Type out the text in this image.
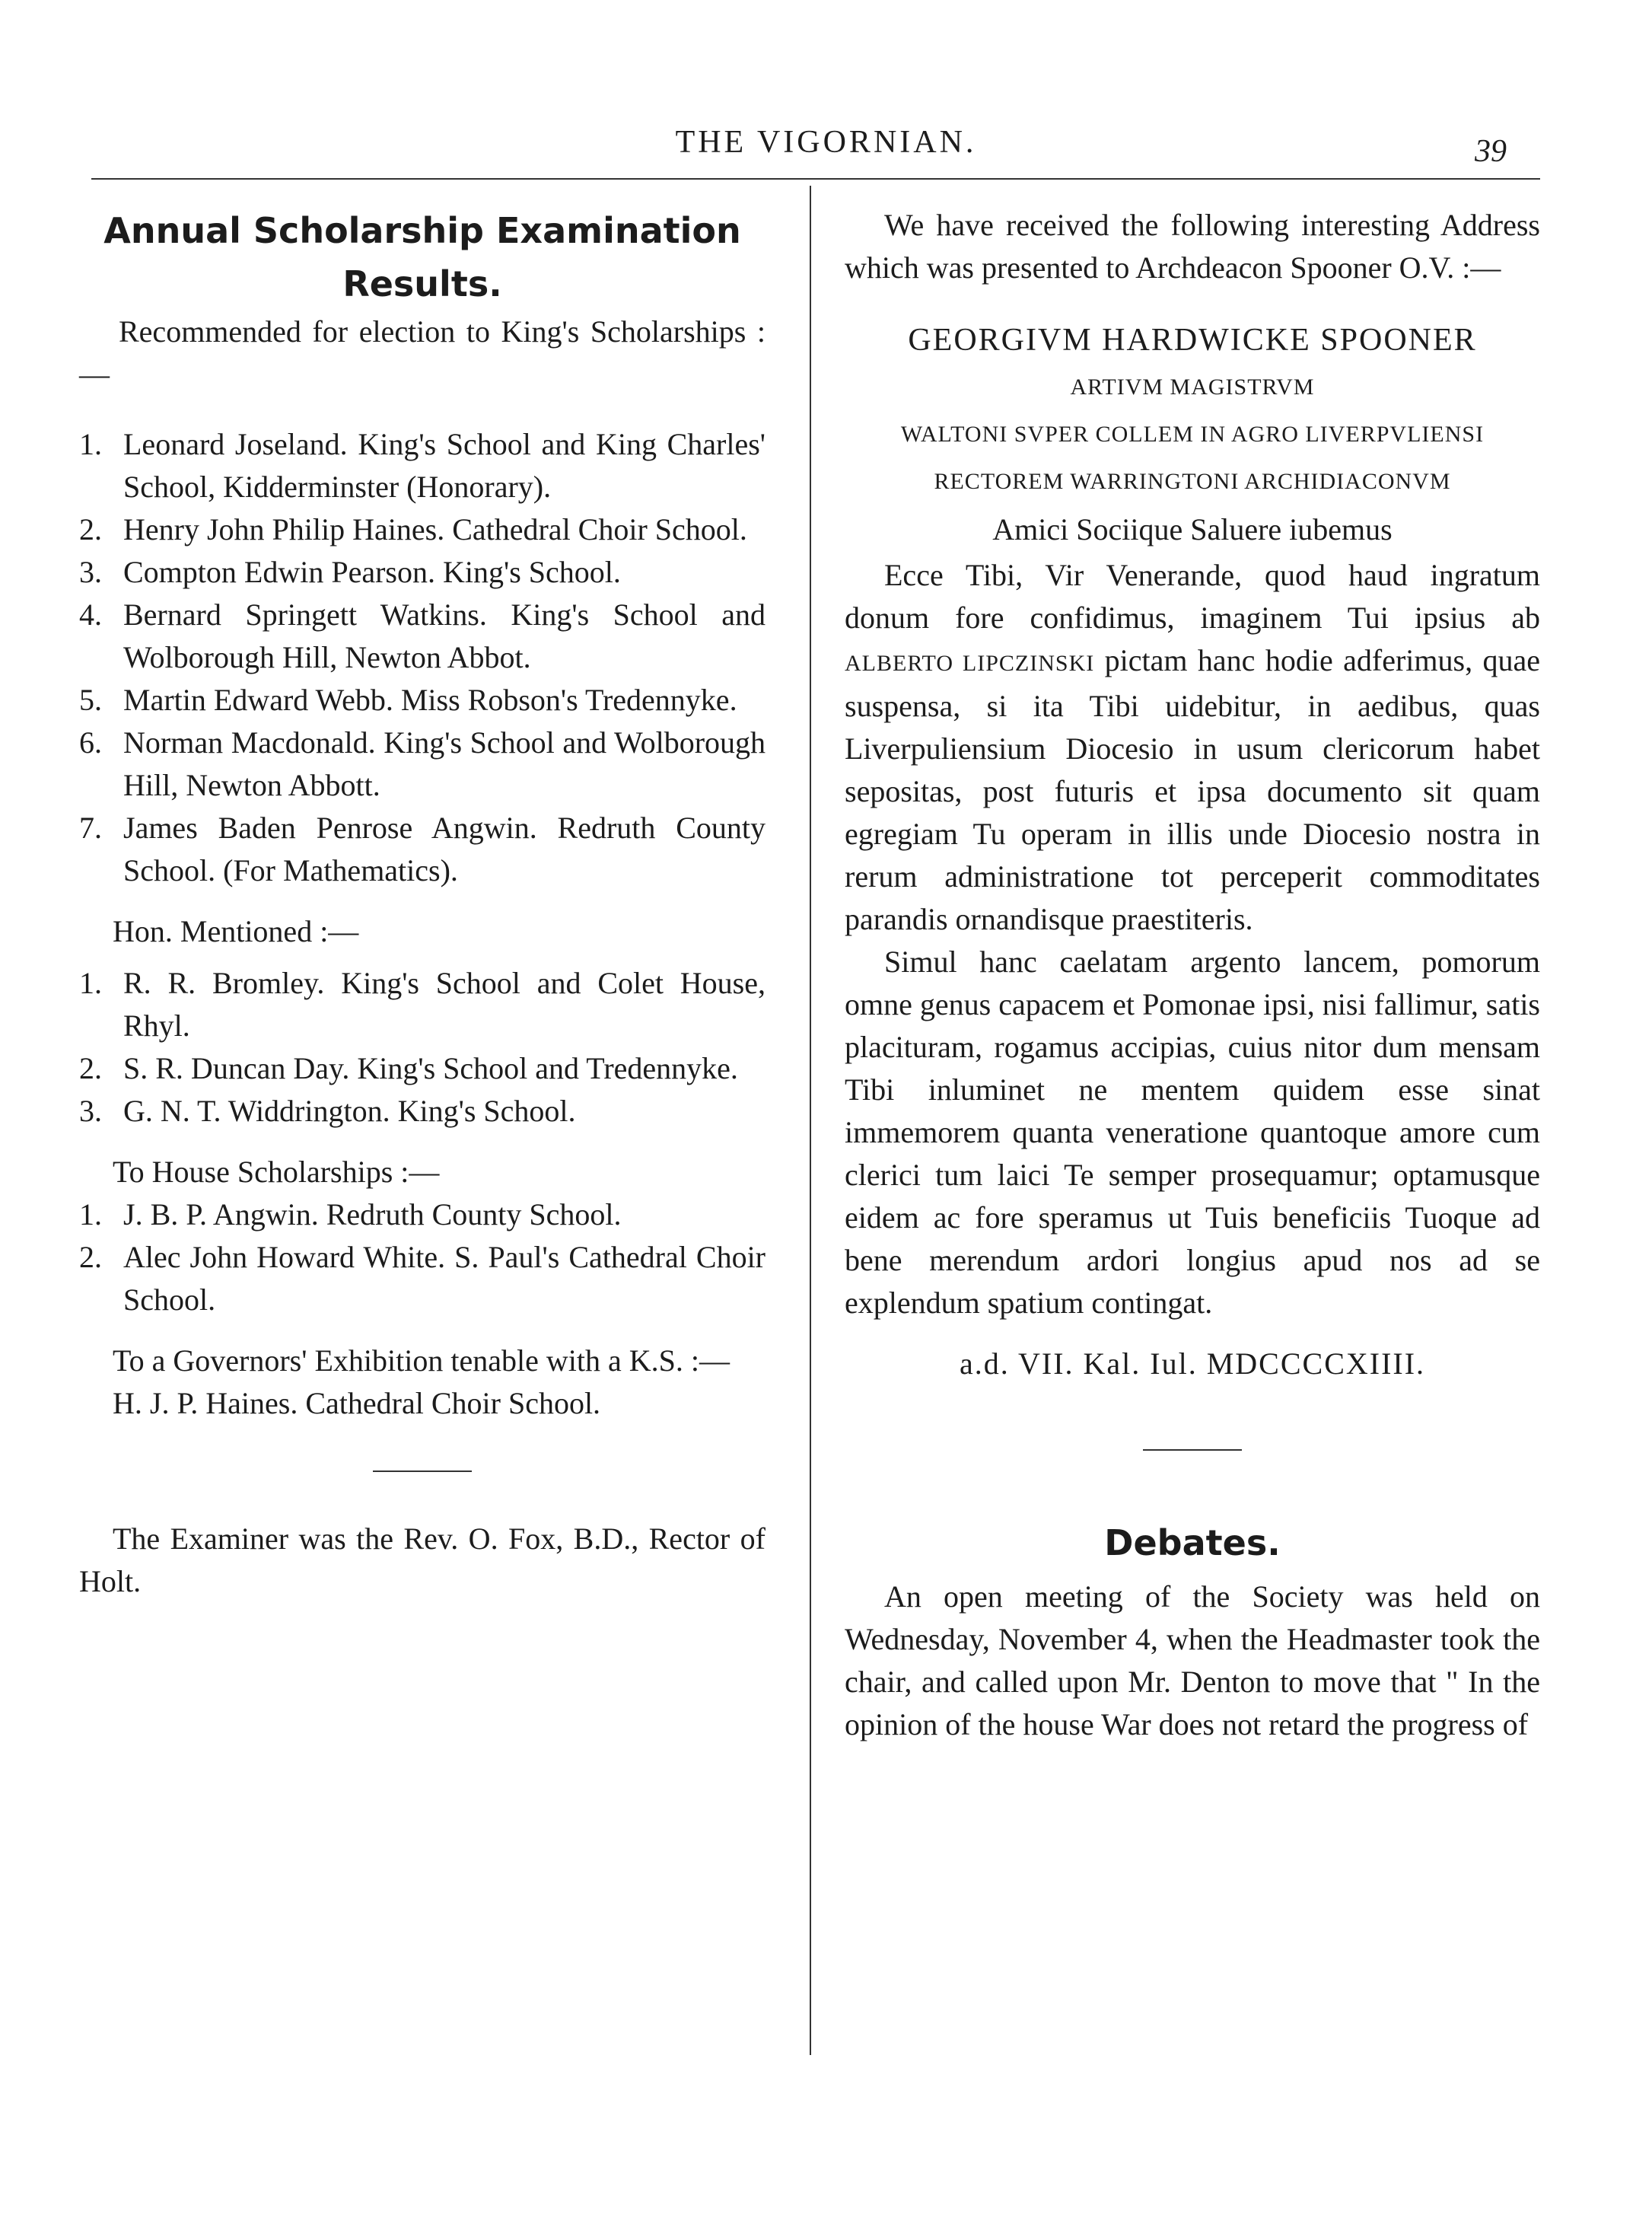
THE VIGORNIAN.	39

Annual Scholarship Examination
Results.

Recommended for election to King's Scholarships :—

1. Leonard Joseland. King's School and King Charles' School, Kidderminster (Honorary).
2. Henry John Philip Haines. Cathedral Choir School.
3. Compton Edwin Pearson. King's School.
4. Bernard Springett Watkins. King's School and Wolborough Hill, Newton Abbot.
5. Martin Edward Webb. Miss Robson's Tredennyke.
6. Norman Macdonald. King's School and Wolborough Hill, Newton Abbott.
7. James Baden Penrose Angwin. Redruth County School. (For Mathematics).

Hon. Mentioned :—

1. R. R. Bromley. King's School and Colet House, Rhyl.
2. S. R. Duncan Day. King's School and Tredennyke.
3. G. N. T. Widdrington. King's School.

To House Scholarships :—

1. J. B. P. Angwin. Redruth County School.
2. Alec John Howard White. S. Paul's Cathedral Choir School.

To a Governors' Exhibition tenable with a K.S. :—

H. J. P. Haines. Cathedral Choir School.

The Examiner was the Rev. O. Fox, B.D., Rector of Holt.

We have received the following interesting Address which was presented to Archdeacon Spooner O.V. :—

GEORGIVM HARDWICKE SPOONER

ARTIVM MAGISTRVM

WALTONI SVPER COLLEM IN AGRO LIVERPVLIENSI

RECTOREM WARRINGTONI ARCHIDIACONVM

Amici Sociique Saluere iubemus

Ecce Tibi, Vir Venerande, quod haud ingratum donum fore confidimus, imaginem Tui ipsius ab ALBERTO LIPCZINSKI pictam hanc hodie adferimus, quae suspensa, si ita Tibi uidebitur, in aedibus, quas Liverpuliensium Diocesio in usum clericorum habet sepositas, post futuris et ipsa documento sit quam egregiam Tu operam in illis unde Diocesio nostra in rerum administratione tot perceperit commoditates parandis ornandisque praestiteris.

Simul hanc caelatam argento lancem, pomorum omne genus capacem et Pomonae ipsi, nisi fallimur, satis placituram, rogamus accipias, cuius nitor dum mensam Tibi inluminet ne mentem quidem esse sinat immemorem quanta veneratione quantoque amore cum clerici tum laici Te semper prosequamur; optamusque eidem ac fore speramus ut Tuis beneficiis Tuoque ad bene merendum ardori longius apud nos ad se explendum spatium contingat.

a.d. VII. Kal. Iul. MDCCCCXIIII.

Debates.

An open meeting of the Society was held on Wednesday, November 4, when the Headmaster took the chair, and called upon Mr. Denton to move that " In the opinion of the house War does not retard the progress of
